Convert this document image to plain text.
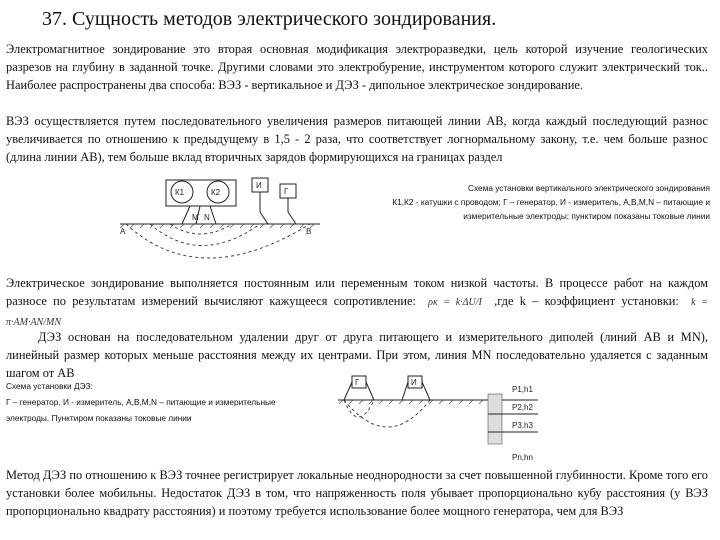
37. Сущность методов электрического зондирования.
Электромагнитное зондирование это вторая основная модификация электроразведки, цель которой изучение геологических разрезов на глубину в заданной точке. Другими словами это электробурение, инструментом которого служит электрический ток.. Наиболее распространены два способа: ВЭЗ - вертикальное и ДЭЗ - дипольное электрическое зондирование.
ВЭЗ осуществляется путем последовательного увеличения размеров питающей линии АВ, когда каждый последующий разнос увеличивается по отношению к предыдущему в 1,5 - 2 раза, что соответствует логнормальному закону, т.е. чем больше разнос (длина линии АВ), тем больше вклад вторичных зарядов формирующихся на границах раздел
К1	К2
И
Г
А
М N
В
Схема установки вертикального электрического зондирования
К1,К2 - катушки с проводом; Г – генератор, И - измеритель, А,В,М,N – питающие и
измерительные электроды; пунктиром показаны токовые линии
Электрическое зондирование выполняется постоянным или переменным током низкой частоты. В процессе работ на каждом разносе по результатам измерений вычисляют кажущееся сопротивление: ρк = k·ΔU/I ,где k – коэффициент установки: k = π·AM·AN/MN
ДЭЗ основан на последовательном удалении друг от друга питающего и измерительного диполей (линий АВ и MN), линейный размер которых меньше расстояния между их центрами. При этом, линия MN последовательно удаляется с заданным шагом от АВ
Схема установки ДЭЗ:
Г – генератор, И - измеритель, А,В,М,N – питающие и измерительные
электроды. Пунктиром показаны токовые линии
Г	И
P1,h1
P2,h2
P3,h3
Pn,hn
Метод ДЭЗ по отношению к ВЭЗ точнее регистрирует локальные неоднородности за счет повышенной глубинности. Кроме того его установки более мобильны. Недостаток ДЭЗ в том, что напряженность поля убывает пропорционально кубу расстояния (у ВЭЗ пропорционально квадрату расстояния) и поэтому требуется использование более мощного генератора, чем для ВЭЗ
